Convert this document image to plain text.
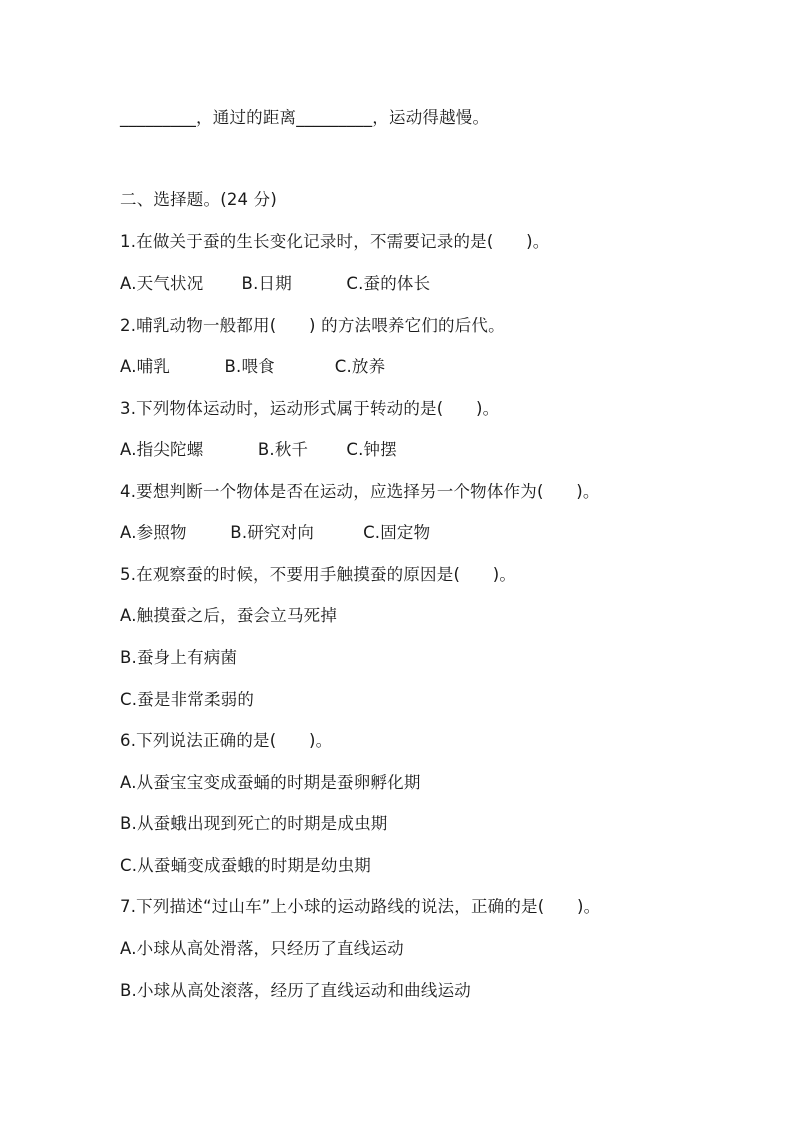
_________，通过的距离_________，运动得越慢。
二、选择题。(24 分)
1.在做关于蚕的生长变化记录时，不需要记录的是(      )。
A.天气状况       B.日期          C.蚕的体长
2.哺乳动物一般都用(      ) 的方法喂养它们的后代。
A.哺乳          B.喂食           C.放养
3.下列物体运动时，运动形式属于转动的是(      )。
A.指尖陀螺          B.秋千       C.钟摆
4.要想判断一个物体是否在运动，应选择另一个物体作为(      )。
A.参照物        B.研究对向         C.固定物
5.在观察蚕的时候，不要用手触摸蚕的原因是(      )。
A.触摸蚕之后，蚕会立马死掉
B.蚕身上有病菌
C.蚕是非常柔弱的
6.下列说法正确的是(      )。
A.从蚕宝宝变成蚕蛹的时期是蚕卵孵化期
B.从蚕蛾出现到死亡的时期是成虫期
C.从蚕蛹变成蚕蛾的时期是幼虫期
7.下列描述“过山车”上小球的运动路线的说法，正确的是(      )。
A.小球从高处滑落，只经历了直线运动
B.小球从高处滚落，经历了直线运动和曲线运动
